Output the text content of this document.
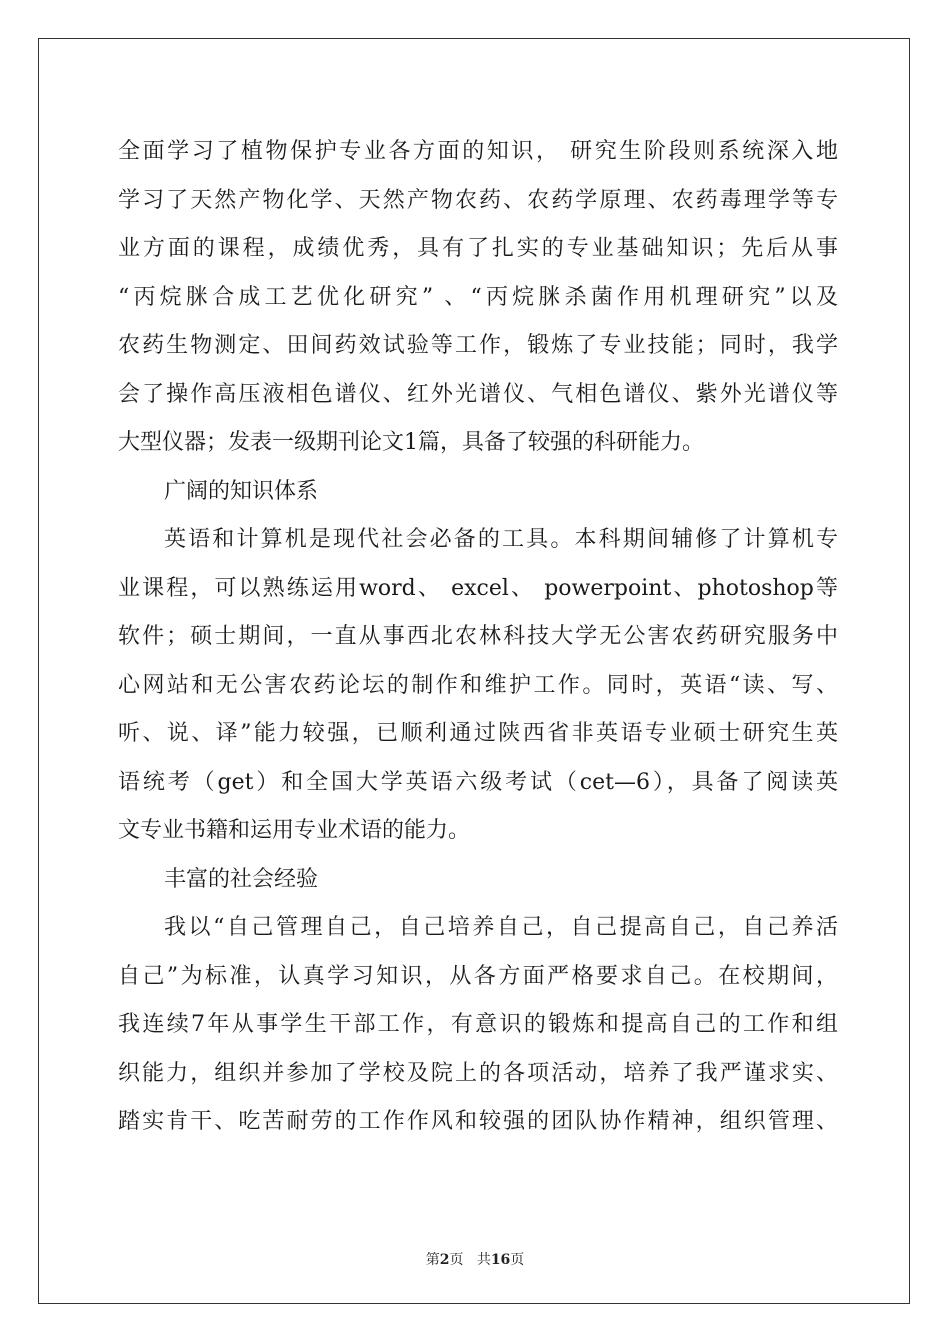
全面学习了植物保护专业各方面的知识， 研究生阶段则系统深入地
学习了天然产物化学、天然产物农药、农药学原理、农药毒理学等专
业方面的课程，成绩优秀，具有了扎实的专业基础知识；先后从事
“丙烷脒合成工艺优化研究” 、“丙烷脒杀菌作用机理研究”以及
农药生物测定、田间药效试验等工作，锻炼了专业技能；同时，我学
会了操作高压液相色谱仪、红外光谱仪、气相色谱仪、紫外光谱仪等
大型仪器；发表一级期刊论文1篇，具备了较强的科研能力。
广阔的知识体系
英语和计算机是现代社会必备的工具。本科期间辅修了计算机专
业课程，可以熟练运用word、 excel、 powerpoint、photoshop等
软件；硕士期间，一直从事西北农林科技大学无公害农药研究服务中
心网站和无公害农药论坛的制作和维护工作。同时，英语“读、写、
听、说、译”能力较强，已顺利通过陕西省非英语专业硕士研究生英
语统考（get）和全国大学英语六级考试（cet—6），具备了阅读英
文专业书籍和运用专业术语的能力。
丰富的社会经验
我以“自己管理自己，自己培养自己，自己提高自己，自己养活
自己”为标准，认真学习知识，从各方面严格要求自己。在校期间，
我连续7年从事学生干部工作，有意识的锻炼和提高自己的工作和组
织能力，组织并参加了学校及院上的各项活动，培养了我严谨求实、
踏实肯干、吃苦耐劳的工作作风和较强的团队协作精神，组织管理、
第2页 共16页
